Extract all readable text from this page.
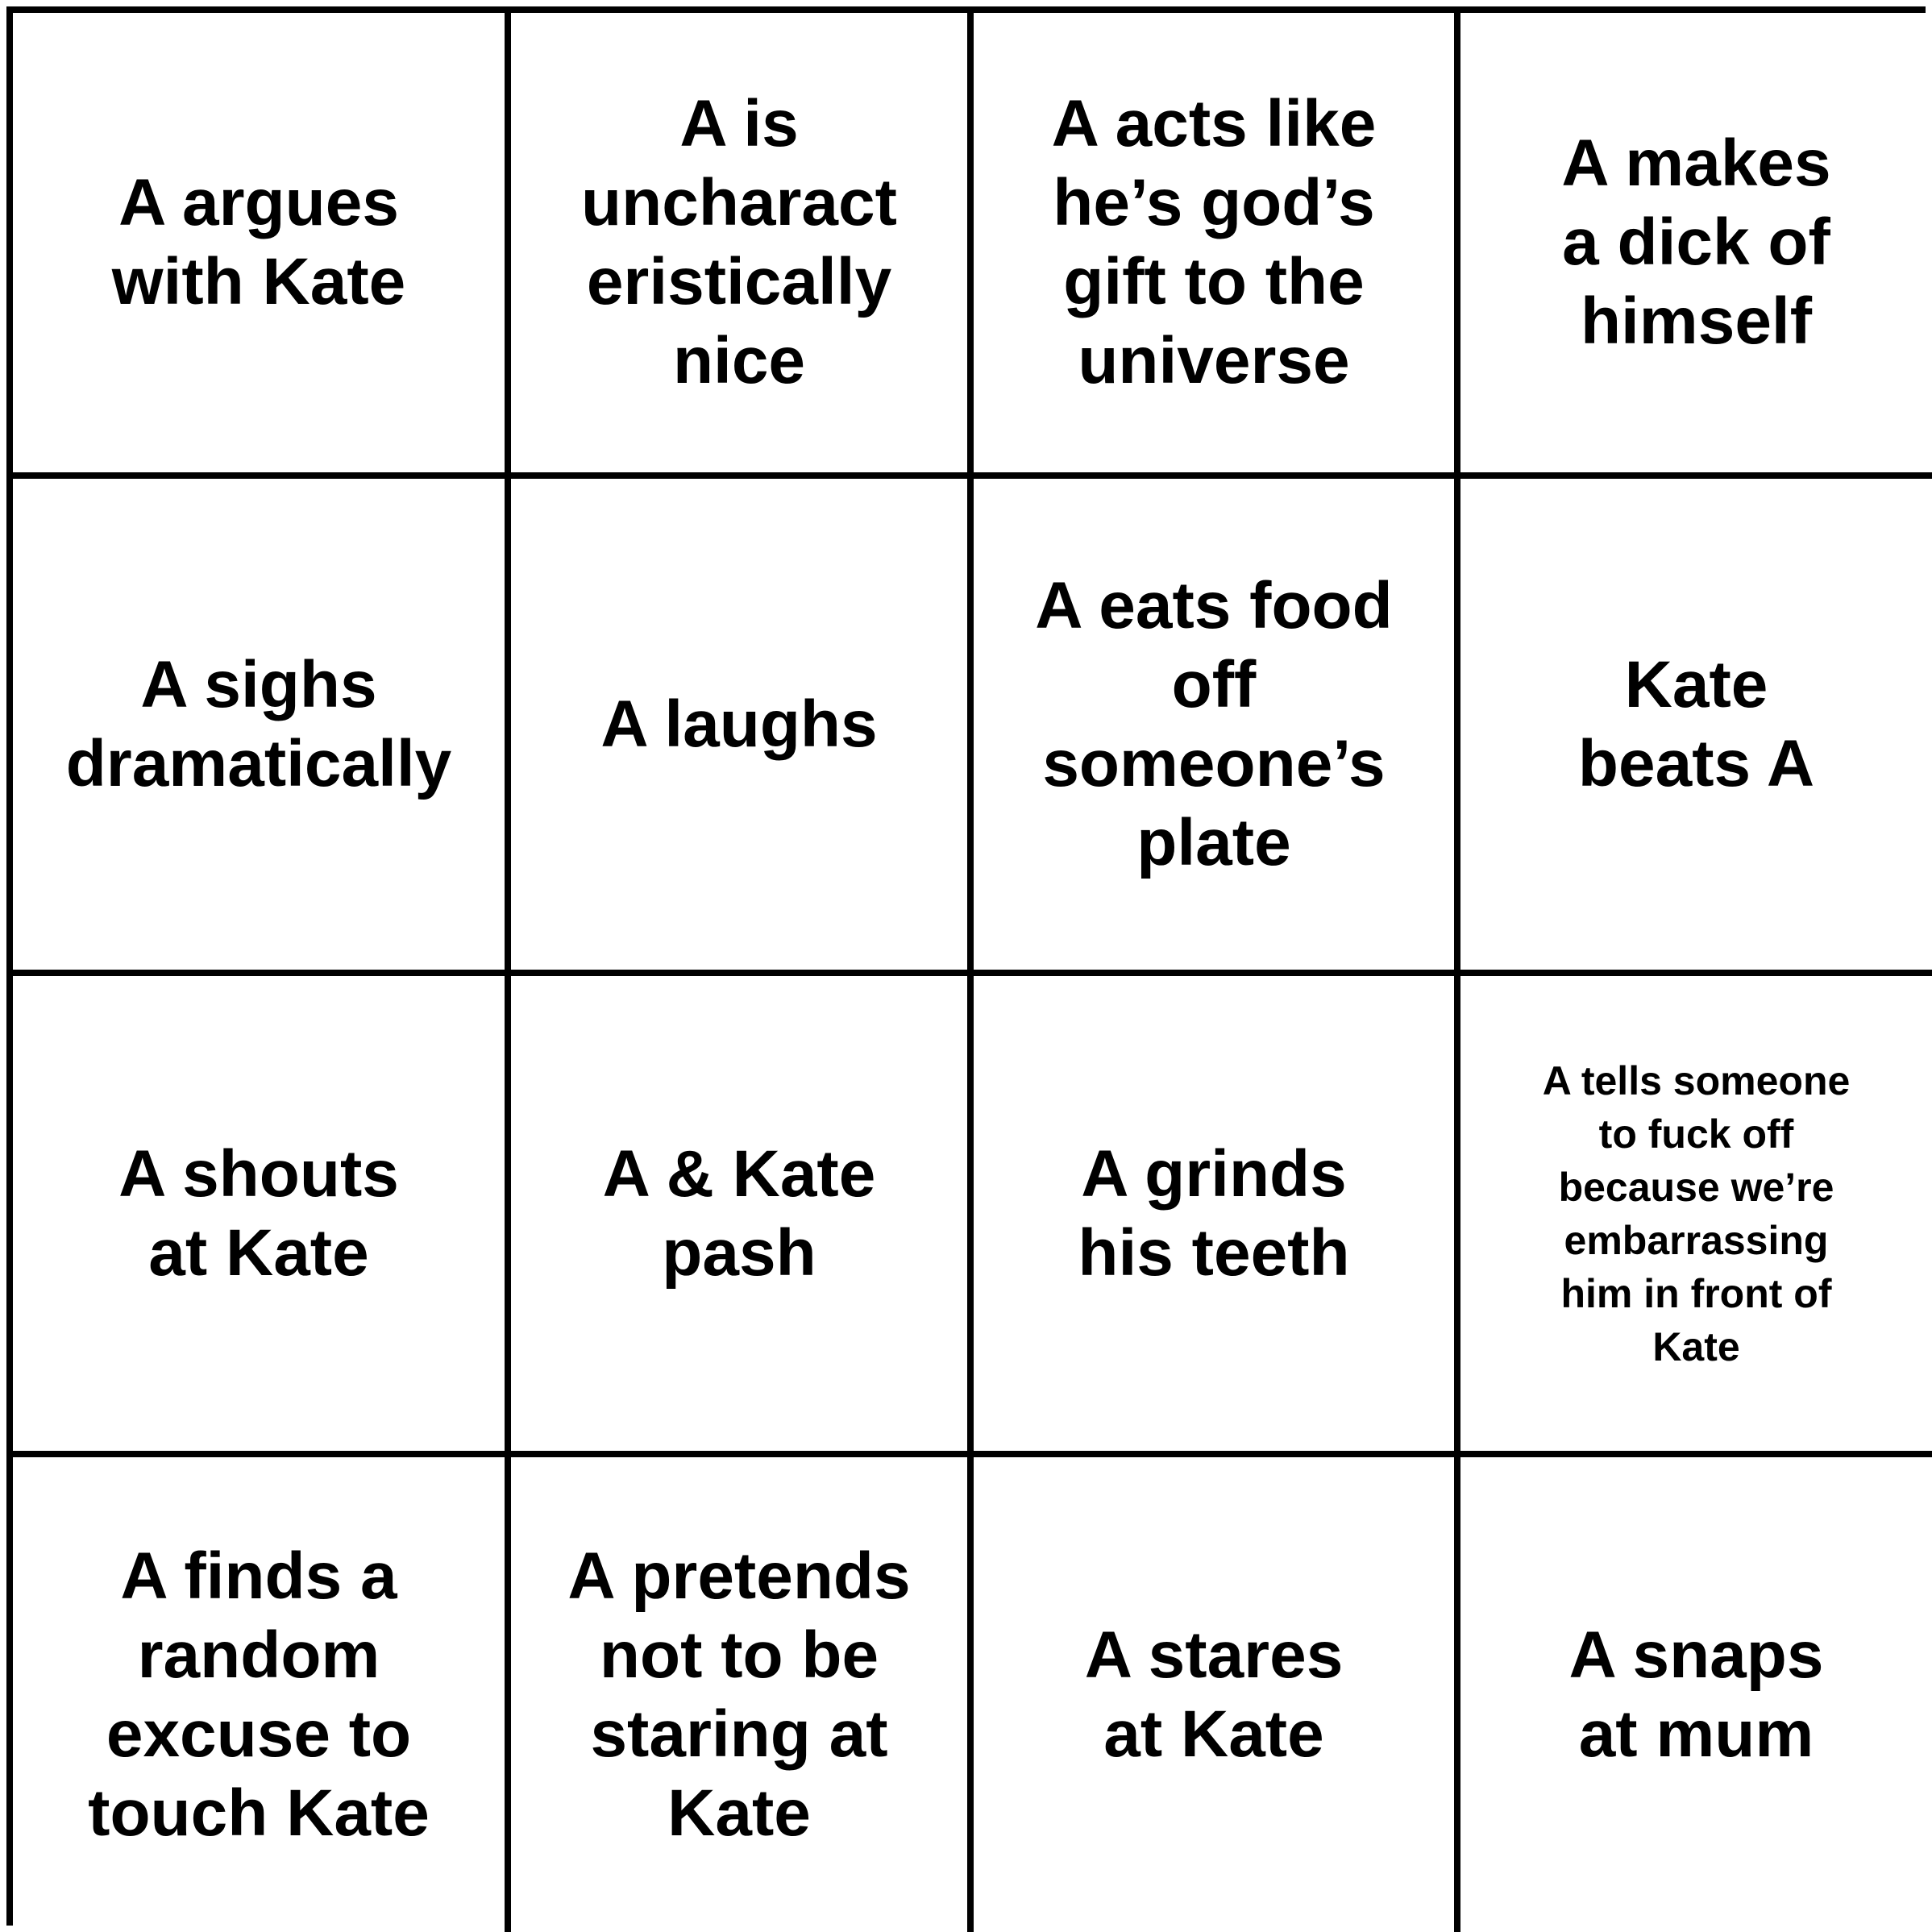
A argues
with Kate
A is
uncharact
eristically
nice
A acts like
he’s god’s
gift to the
universe
A makes
a dick of
himself
A sighs
dramatically
A laughs
A eats food
off
someone’s
plate
Kate
beats A
A shouts
at Kate
A & Kate
pash
A grinds
his teeth
A tells someone
to fuck off
because we’re
embarrassing
him in front of
Kate
A finds a
random
excuse to
touch Kate
A pretends
not to be
staring at
Kate
A stares
at Kate
A snaps
at mum
